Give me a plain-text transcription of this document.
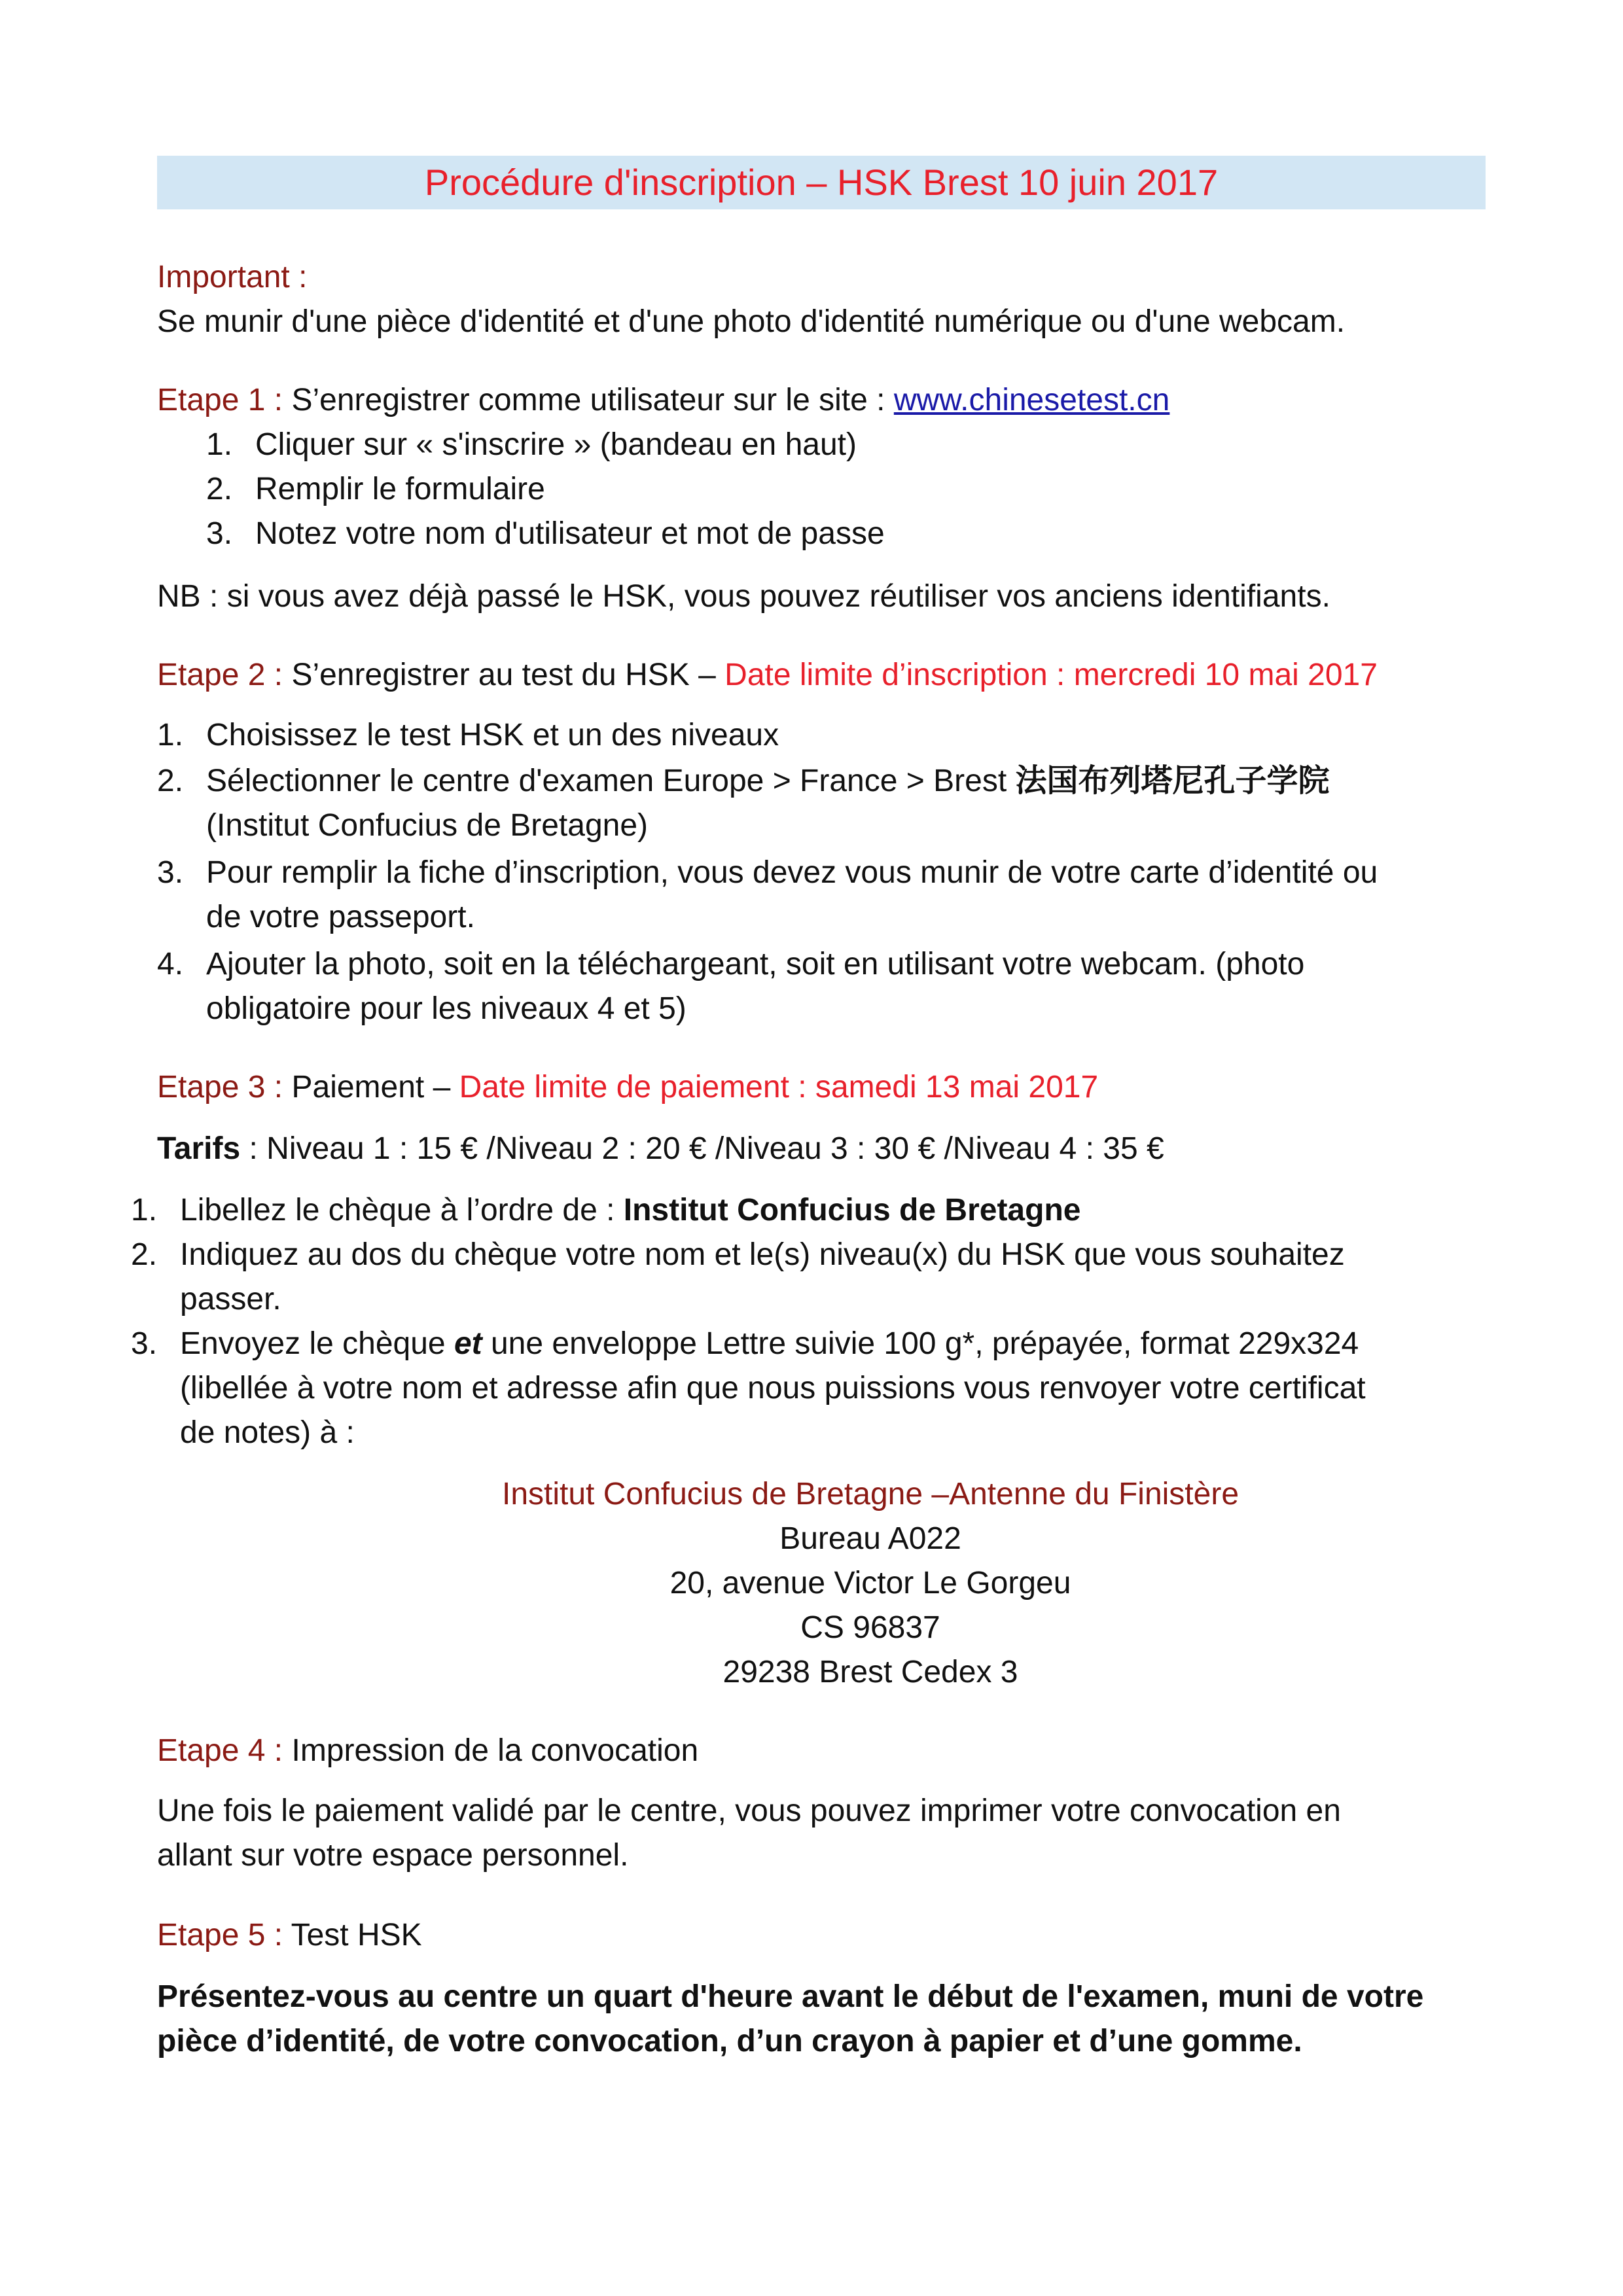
Procédure d'inscription – HSK Brest 10 juin 2017
Important :
Se munir d'une pièce d'identité et d'une photo d'identité numérique ou d'une webcam.
Etape 1 : S’enregistrer comme utilisateur sur le site : www.chinesetest.cn
1. Cliquer sur « s'inscrire » (bandeau en haut)
2. Remplir le formulaire
3. Notez votre nom d'utilisateur et mot de passe
NB : si vous avez déjà passé le HSK, vous pouvez réutiliser vos anciens identifiants.
Etape 2 : S’enregistrer au test du HSK – Date limite d’inscription : mercredi 10 mai 2017
1. Choisissez le test HSK et un des niveaux
2. Sélectionner le centre d'examen Europe > France > Brest 法国布列塔尼孔子学院
(Institut Confucius de Bretagne)
3. Pour remplir la fiche d’inscription, vous devez vous munir de votre carte d’identité ou
de votre passeport.
4. Ajouter la photo, soit en la téléchargeant, soit en utilisant votre webcam. (photo
obligatoire pour les niveaux 4 et 5)
Etape 3 : Paiement – Date limite de paiement : samedi 13 mai 2017
Tarifs : Niveau 1 : 15 € /Niveau 2 : 20 € /Niveau 3 : 30 € /Niveau 4 : 35 €
1. Libellez le chèque à l’ordre de : Institut Confucius de Bretagne
2. Indiquez au dos du chèque votre nom et le(s) niveau(x) du HSK que vous souhaitez
passer.
3. Envoyez le chèque et une enveloppe Lettre suivie 100 g*, prépayée, format 229x324
(libellée à votre nom et adresse afin que nous puissions vous renvoyer votre certificat
de notes) à :
Institut Confucius de Bretagne –Antenne du Finistère
Bureau A022
20, avenue Victor Le Gorgeu
CS 96837
29238 Brest Cedex 3
Etape 4 : Impression de la convocation
Une fois le paiement validé par le centre, vous pouvez imprimer votre convocation en
allant sur votre espace personnel.
Etape 5 : Test HSK
Présentez-vous au centre un quart d'heure avant le début de l'examen, muni de votre
pièce d’identité, de votre convocation, d’un crayon à papier et d’une gomme.
